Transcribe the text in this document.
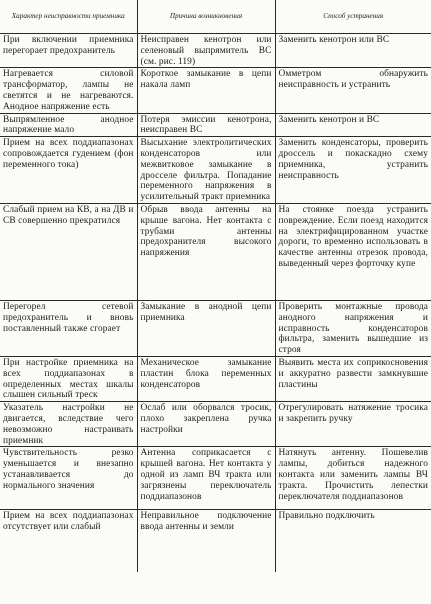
Характер неисправности приемника	Причина возникновения	Способ устранения
При включении приемника перегорает предохранитель	Неисправен кенотрон или селеновый выпрямитель ВС (см. рис. 119)	Заменить кенотрон или ВС
Нагревается силовой трансформатор, лампы не светятся и не нагреваются. Анодное напряжение есть	Короткое замыкание в цепи накала ламп	Омметром обнаружить неисправность и устранить
Выпрямленное анодное напряжение мало	Потеря эмиссии кенотрона, неисправен ВС	Заменить кенотрон и ВС
Прием на всех поддиапазонах сопровождается гудением (фон переменного тока)	Высыхание электролитических конденсаторов или межвитковое замыкание в дросселе фильтра. Попадание переменного напряжения в усилительный тракт приемника	Заменить конденсаторы, проверить дроссель и покаскадно схему приемника, устранить неисправность
Слабый прием на КВ, а на ДВ и СВ совершенно прекратился	Обрыв ввода антенны на крыше вагона. Нет контакта с трубами антенны предохранителя высокого напряжения	На стоянке поезда устранить повреждение. Если поезд находится на электрифицированном участке дороги, то временно использовать в качестве антенны отрезок провода, выведенный через форточку купе
Перегорел сетевой предохранитель и вновь поставленный также сгорает	Замыкание в анодной цепи приемника	Проверить монтажные провода анодного напряжения и исправность конденсаторов фильтра, заменить вышедшие из строя
При настройке приемника на всех поддиапазонах в определенных местах шкалы слышен сильный треск	Механическое замыкание пластин блока переменных конденсаторов	Выявить места их соприкосновения и аккуратно развести замкнувшие пластины
Указатель настройки не двигается, вследствие чего невозможно настраивать приемник	Ослаб или оборвался тросик, плохо закреплена ручка настройки	Отрегулировать натяжение тросика и закрепить ручку
Чувствительность резко уменьшается и внезапно устанавливается до нормального значения	Антенна соприкасается с крышей вагона. Нет контакта у одной из ламп ВЧ тракта или загрязнены переключатель поддиапазонов	Натянуть антенну. Пошевелив лампы, добиться надежного контакта или заменить лампы ВЧ тракта. Прочистить лепестки переключателя поддиапазонов
Прием на всех поддиапазонах отсутствует или слабый	Неправильное подключение ввода антенны и земли	Правильно подключить
